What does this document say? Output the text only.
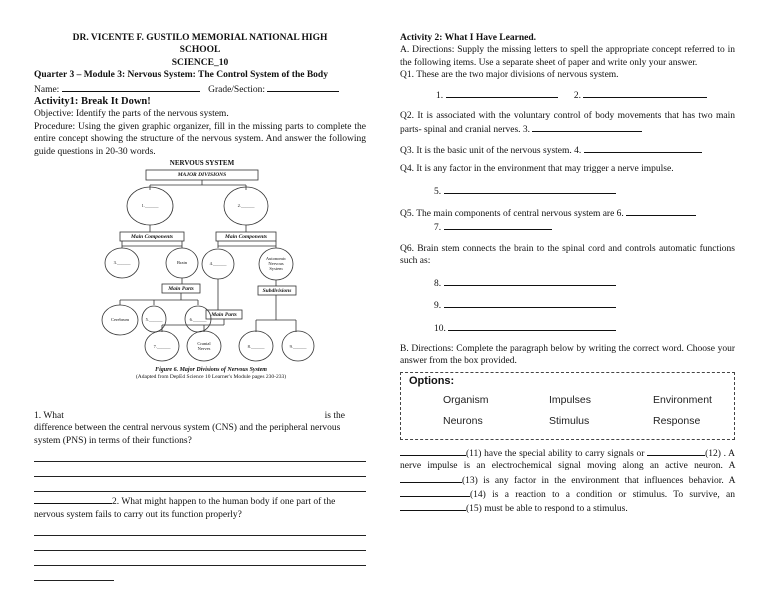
DR. VICENTE F. GUSTILO MEMORIAL NATIONAL HIGH
SCHOOL
SCIENCE_10
Quarter 3 – Module 3: Nervous System: The Control System of the Body
Name:	Grade/Section:
Activity1: Break It Down!
Objective: Identify the parts of the nervous system.
Procedure: Using the given graphic organizer, fill in the missing parts to complete the entire concept showing the structure of the nervous system. And answer the following guide questions in 20-30 words.
NERVOUS SYSTEM
MAJOR DIVISIONS
1.______	2.______
Main Components	Main Components
3.______	Brain	4.______
Autonomic
Nervous
System
Main Parts	Subdivisions
Cerebrum	5.______	6.______
Main Parts
7.______
Cranial
Nerves	8.______	9.______
Figure 6. Major Divisions of Nervous System
(Adapted from DepEd Science 10 Learner's Module pages 230-233)
1. What	is the
difference between the central nervous system (CNS) and the peripheral nervous system (PNS) in terms of their functions?
2. What might happen to the human body if one part of the nervous system fails to carry out its function properly?
Activity 2: What I Have Learned.
A. Directions: Supply the missing letters to spell the appropriate concept referred to in the following items. Use a separate sheet of paper and write only your answer.
Q1. These are the two major divisions of nervous system.
1.	2.
Q2. It is associated with the voluntary control of body movements that has two main parts- spinal and cranial nerves. 3.
Q3. It is the basic unit of the nervous system. 4.
Q4. It is any factor in the environment that may trigger a nerve impulse.
5.
Q5. The main components of central nervous system are 6.
7.
Q6. Brain stem connects the brain to the spinal cord and controls automatic functions such as:
8.
9.
10.
B. Directions: Complete the paragraph below by writing the correct word. Choose your answer from the box provided.
Options:
Organism	Impulses	Environment
Neurons	Stimulus	Response
(11) have the special ability to carry signals or	(12) . A nerve impulse is an electrochemical signal moving along an active neuron. A (13) is any factor in the environment that influences behavior. A (14) is a reaction to a condition or stimulus. To survive, an (15) must be able to respond to a stimulus.
